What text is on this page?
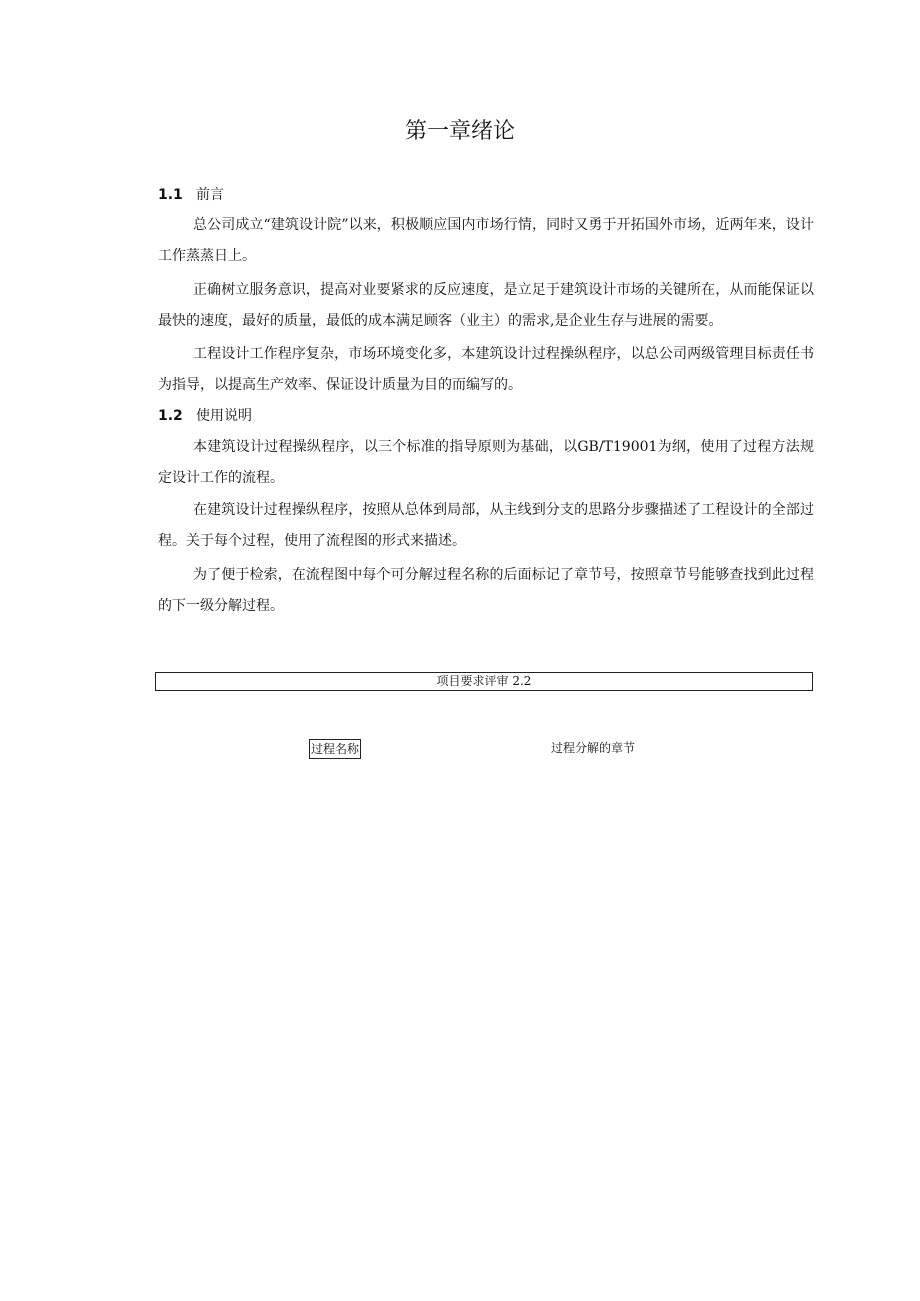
第一章绪论
1.1 前言

总公司成立“建筑设计院”以来，积极顺应国内市场行情，同时又勇于开拓国外市场，近两年来，设计工作蒸蒸日上。

正确树立服务意识，提高对业要紧求的反应速度，是立足于建筑设计市场的关键所在，从而能保证以最快的速度，最好的质量，最低的成本满足顾客（业主）的需求,是企业生存与进展的需要。

工程设计工作程序复杂，市场环境变化多，本建筑设计过程操纵程序，以总公司两级管理目标责任书为指导，以提高生产效率、保证设计质量为目的而编写的。

1.2 使用说明

本建筑设计过程操纵程序，以三个标准的指导原则为基础，以GB/T19001为纲，使用了过程方法规定设计工作的流程。

在建筑设计过程操纵程序，按照从总体到局部，从主线到分支的思路分步骤描述了工程设计的全部过程。关于每个过程，使用了流程图的形式来描述。

为了便于检索，在流程图中每个可分解过程名称的后面标记了章节号，按照章节号能够查找到此过程的下一级分解过程。

项目要求评审 2.2
过程名称	过程分解的章节
